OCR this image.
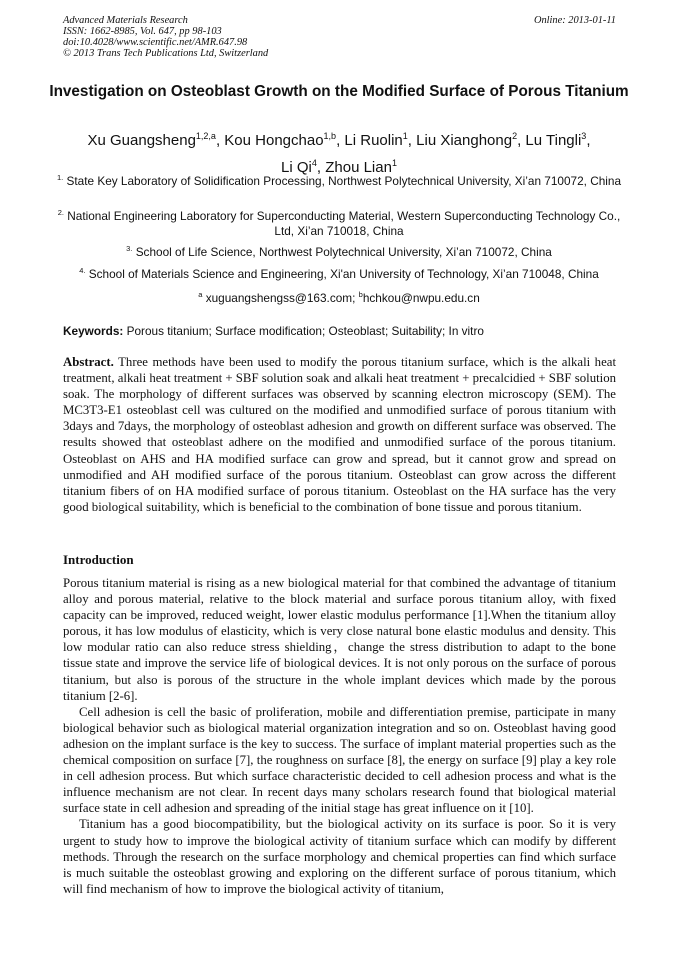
Advanced Materials Research
ISSN: 1662-8985, Vol. 647, pp 98-103
doi:10.4028/www.scientific.net/AMR.647.98
© 2013 Trans Tech Publications Ltd, Switzerland
Online: 2013-01-11
Investigation on Osteoblast Growth on the Modified Surface of Porous Titanium
Xu Guangsheng$^{1,2,a}$, Kou Hongchao$^{1,b}$, Li Ruolin$^1$, Liu Xianghong$^2$, Lu Tingli$^3$,
Li Qi$^4$, Zhou Lian$^1$
$^{1.}$ State Key Laboratory of Solidification Processing, Northwest Polytechnical University, Xi’an 710072, China
$^{2.}$ National Engineering Laboratory for Superconducting Material, Western Superconducting Technology Co., Ltd, Xi’an 710018, China
$^{3.}$ School of Life Science, Northwest Polytechnical University, Xi’an 710072, China
$^{4.}$ School of Materials Science and Engineering, Xi'an University of Technology, Xi’an 710048, China
$^a$ xuguangshengss@163.com; $^b$hchkou@nwpu.edu.cn
Keywords: Porous titanium; Surface modification; Osteoblast; Suitability; In vitro
Abstract. Three methods have been used to modify the porous titanium surface, which is the alkali heat treatment, alkali heat treatment + SBF solution soak and alkali heat treatment + precalcidied + SBF solution soak. The morphology of different surfaces was observed by scanning electron microscopy (SEM). The MC3T3-E1 osteoblast cell was cultured on the modified and unmodified surface of porous titanium with 3days and 7days, the morphology of osteoblast adhesion and growth on different surface was observed. The results showed that osteoblast adhere on the modified and unmodified surface of the porous titanium. Osteoblast on AHS and HA modified surface can grow and spread, but it cannot grow and spread on unmodified and AH modified surface of the porous titanium. Osteoblast can grow across the different titanium fibers of on HA modified surface of porous titanium. Osteoblast on the HA surface has the very good biological suitability, which is beneficial to the combination of bone tissue and porous titanium.
Introduction

Porous titanium material is rising as a new biological material for that combined the advantage of titanium alloy and porous material, relative to the block material and surface porous titanium alloy, with fixed capacity can be improved, reduced weight, lower elastic modulus performance [1].When the titanium alloy porous, it has low modulus of elasticity, which is very close natural bone elastic modulus and density. This low modular ratio can also reduce stress shielding，change the stress distribution to adapt to the bone tissue state and improve the service life of biological devices. It is not only porous on the surface of porous titanium, but also is porous of the structure in the whole implant devices which made by the porous titanium [2-6].

Cell adhesion is cell the basic of proliferation, mobile and differentiation premise, participate in many biological behavior such as biological material organization integration and so on. Osteoblast having good adhesion on the implant surface is the key to success. The surface of implant material properties such as the chemical composition on surface [7], the roughness on surface [8], the energy on surface [9] play a key role in cell adhesion process. But which surface characteristic decided to cell adhesion process and what is the influence mechanism are not clear. In recent days many scholars research found that biological material surface state in cell adhesion and spreading of the initial stage has great influence on it [10].

Titanium has a good biocompatibility, but the biological activity on its surface is poor. So it is very urgent to study how to improve the biological activity of titanium surface which can modify by different methods. Through the research on the surface morphology and chemical properties can find which surface is much suitable the osteoblast growing and exploring on the different surface of porous titanium, which will find mechanism of how to improve the biological activity of titanium,
